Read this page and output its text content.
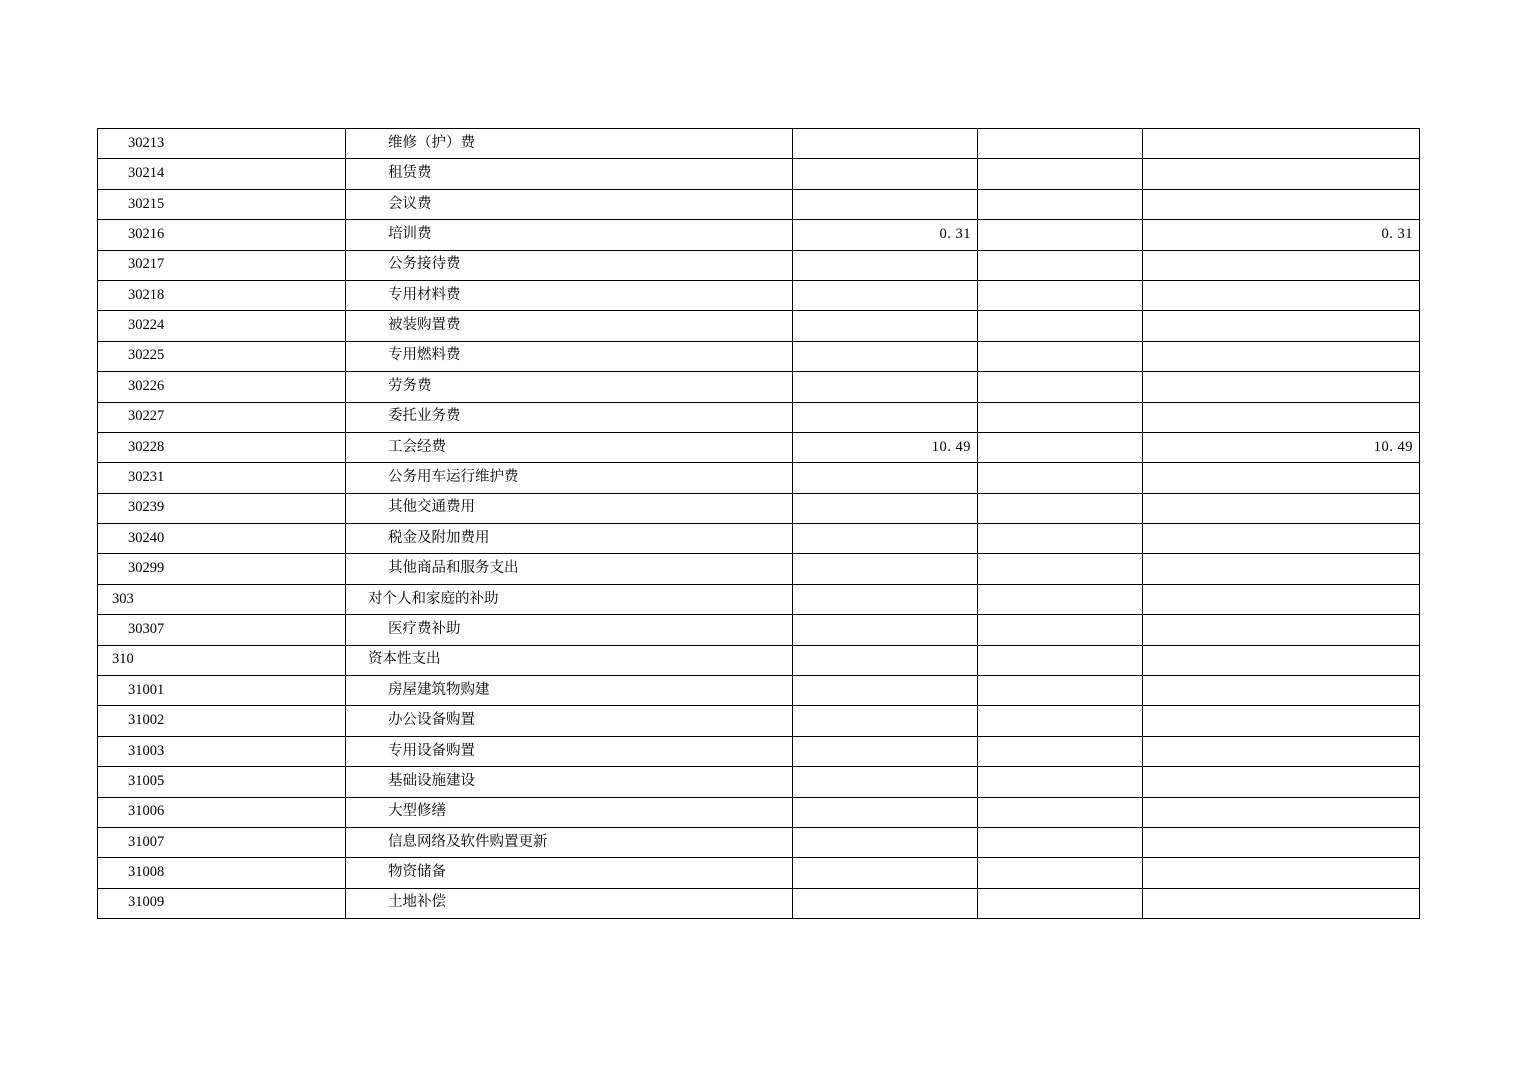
30213	维修（护）费			
30214	租赁费			
30215	会议费			
30216	培训费	0. 31		0. 31
30217	公务接待费			
30218	专用材料费			
30224	被装购置费			
30225	专用燃料费			
30226	劳务费			
30227	委托业务费			
30228	工会经费	10. 49		10. 49
30231	公务用车运行维护费			
30239	其他交通费用			
30240	税金及附加费用			
30299	其他商品和服务支出			
303	对个人和家庭的补助			
30307	医疗费补助			
310	资本性支出			
31001	房屋建筑物购建			
31002	办公设备购置			
31003	专用设备购置			
31005	基础设施建设			
31006	大型修缮			
31007	信息网络及软件购置更新			
31008	物资储备			
31009	土地补偿			
